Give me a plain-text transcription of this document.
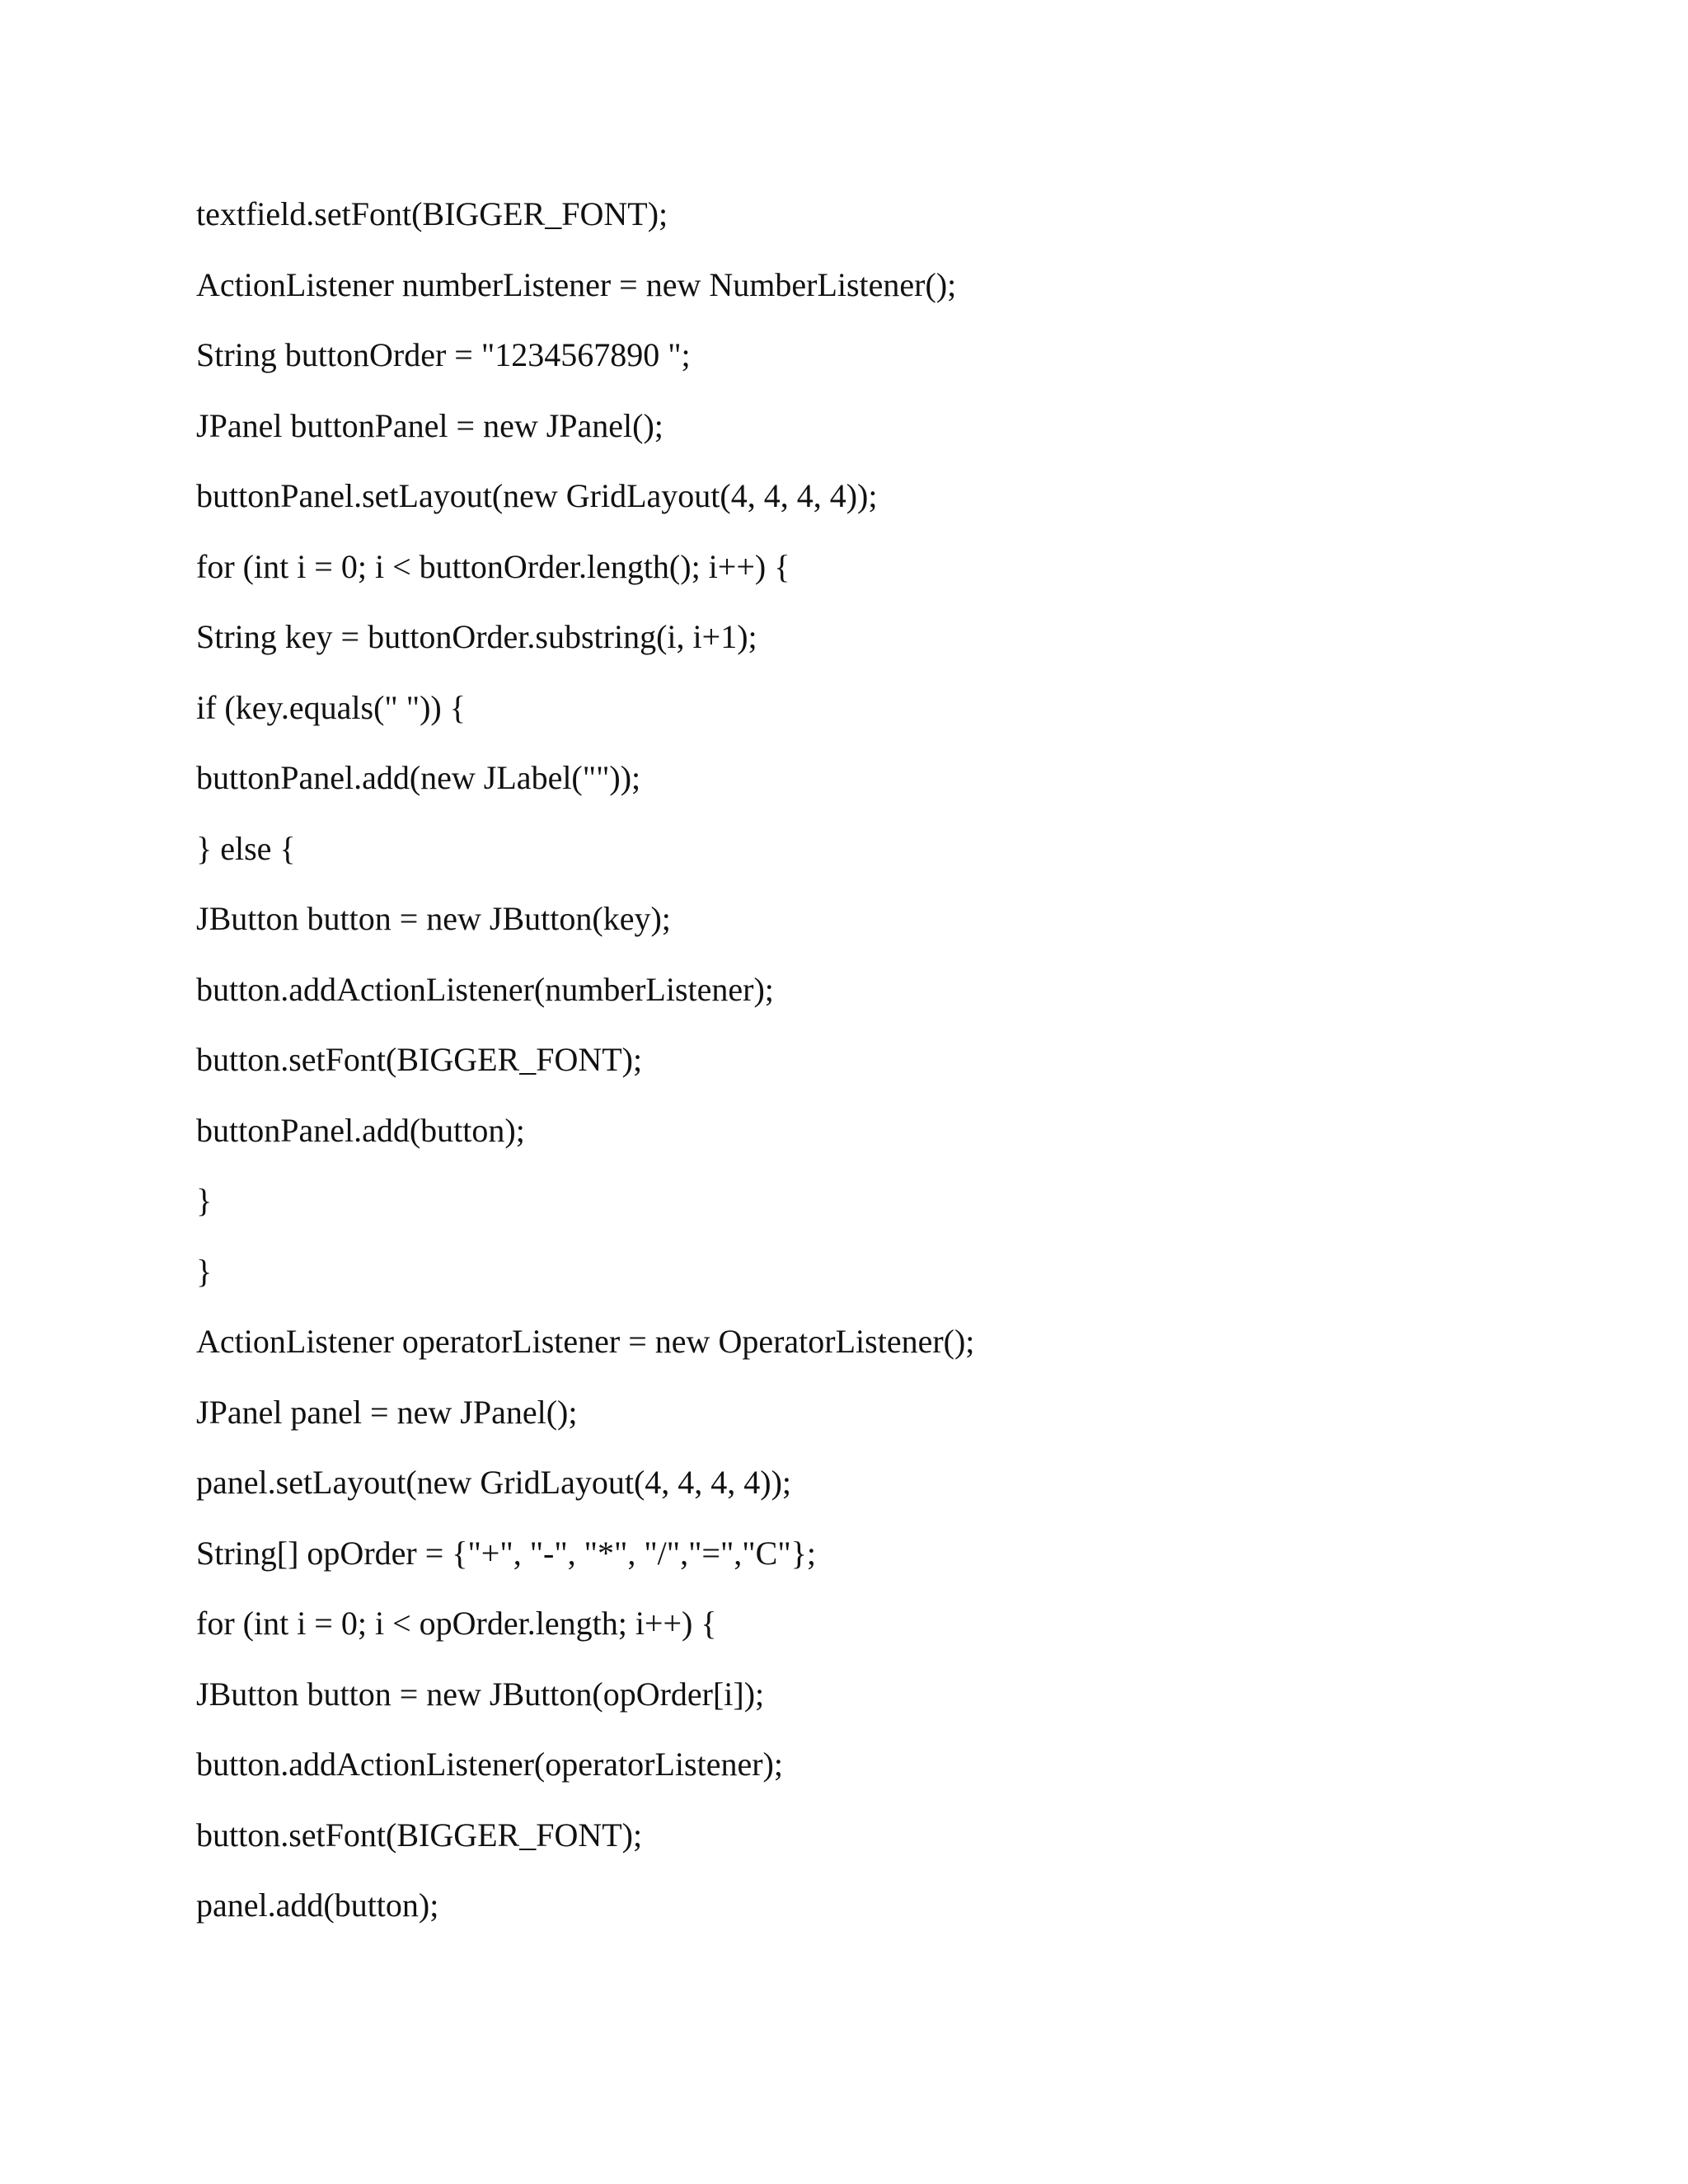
textfield.setFont(BIGGER_FONT);
ActionListener numberListener = new NumberListener();
String buttonOrder = "1234567890 ";
JPanel buttonPanel = new JPanel();
buttonPanel.setLayout(new GridLayout(4, 4, 4, 4));
for (int i = 0; i < buttonOrder.length(); i++) {
String key = buttonOrder.substring(i, i+1);
if (key.equals(" ")) {
buttonPanel.add(new JLabel(""));
} else {
JButton button = new JButton(key);
button.addActionListener(numberListener);
button.setFont(BIGGER_FONT);
buttonPanel.add(button);
}
}
ActionListener operatorListener = new OperatorListener();
JPanel panel = new JPanel();
panel.setLayout(new GridLayout(4, 4, 4, 4));
String[] opOrder = {"+", "-", "*", "/","=","C"};
for (int i = 0; i < opOrder.length; i++) {
JButton button = new JButton(opOrder[i]);
button.addActionListener(operatorListener);
button.setFont(BIGGER_FONT);
panel.add(button);
